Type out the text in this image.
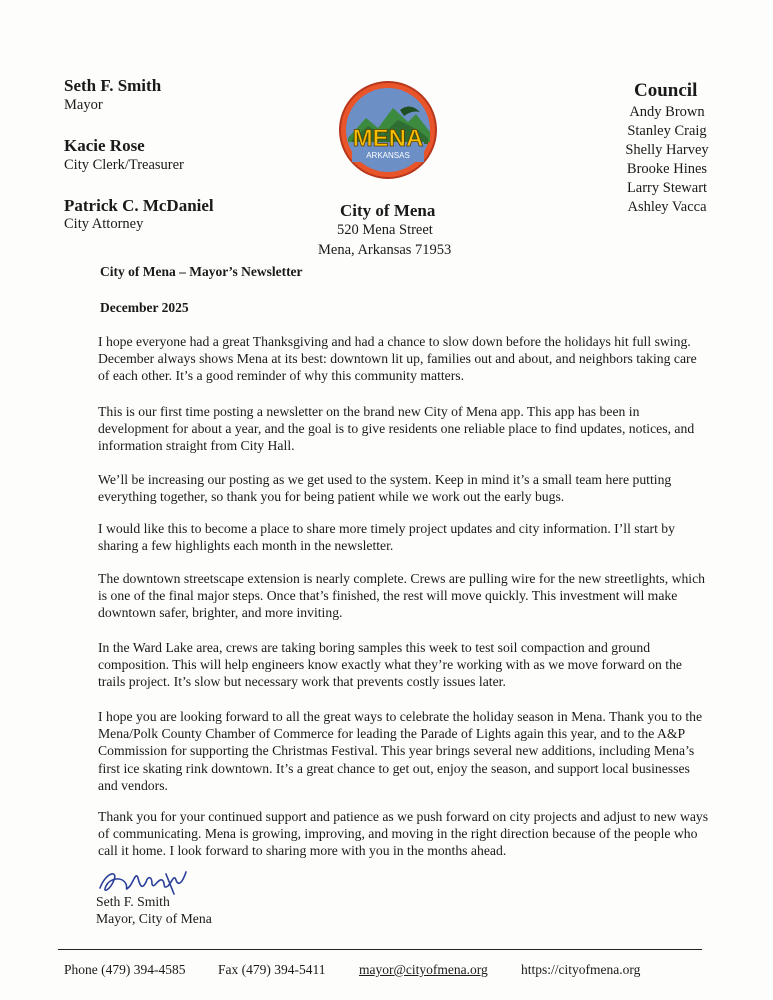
Seth F. Smith
Mayor
Kacie Rose
City Clerk/Treasurer
Patrick C. McDaniel
City Attorney
MENA
ARKANSAS
City of Mena
520 Mena Street
Mena, Arkansas 71953
Council
Andy Brown
Stanley Craig
Shelly Harvey
Brooke Hines
Larry Stewart
Ashley Vacca
City of Mena – Mayor’s Newsletter
December 2025
I hope everyone had a great Thanksgiving and had a chance to slow down before the holidays hit full swing. December always shows Mena at its best: downtown lit up, families out and about, and neighbors taking care of each other. It’s a good reminder of why this community matters.
This is our first time posting a newsletter on the brand new City of Mena app. This app has been in development for about a year, and the goal is to give residents one reliable place to find updates, notices, and information straight from City Hall.
We’ll be increasing our posting as we get used to the system. Keep in mind it’s a small team here putting everything together, so thank you for being patient while we work out the early bugs.
I would like this to become a place to share more timely project updates and city information. I’ll start by sharing a few highlights each month in the newsletter.
The downtown streetscape extension is nearly complete. Crews are pulling wire for the new streetlights, which is one of the final major steps. Once that’s finished, the rest will move quickly. This investment will make downtown safer, brighter, and more inviting.
In the Ward Lake area, crews are taking boring samples this week to test soil compaction and ground composition. This will help engineers know exactly what they’re working with as we move forward on the trails project. It’s slow but necessary work that prevents costly issues later.
I hope you are looking forward to all the great ways to celebrate the holiday season in Mena. Thank you to the Mena/Polk County Chamber of Commerce for leading the Parade of Lights again this year, and to the A&P Commission for supporting the Christmas Festival. This year brings several new additions, including Mena’s first ice skating rink downtown. It’s a great chance to get out, enjoy the season, and support local businesses and vendors.
Thank you for your continued support and patience as we push forward on city projects and adjust to new ways of communicating. Mena is growing, improving, and moving in the right direction because of the people who call it home. I look forward to sharing more with you in the months ahead.
Seth F. Smith
Mayor, City of Mena
Phone (479) 394-4585 Fax (479) 394-5411 mayor@cityofmena.org https://cityofmena.org
